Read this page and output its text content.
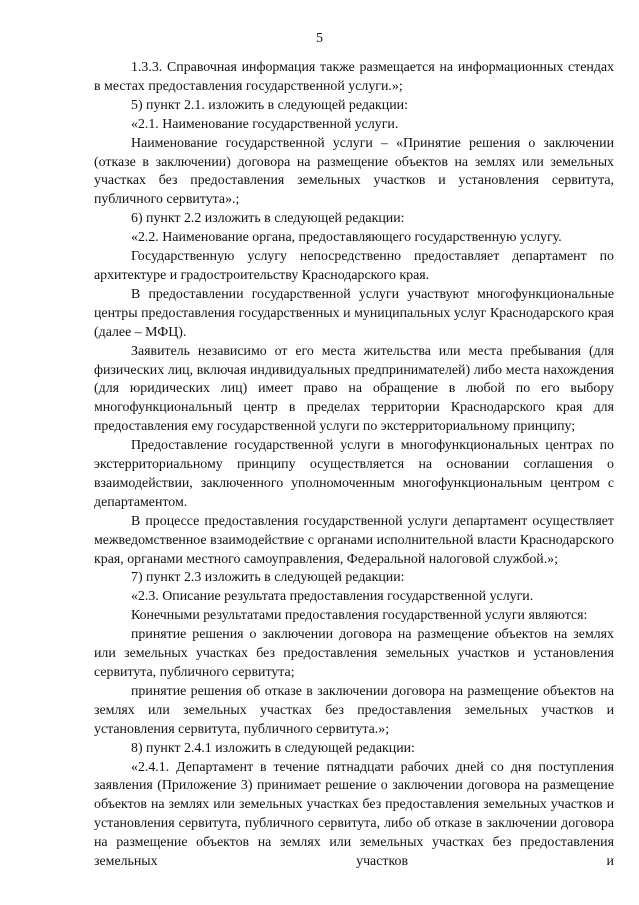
5

1.3.3. Справочная информация также размещается на информационных стендах в местах предоставления государственной услуги.»;

5) пункт 2.1. изложить в следующей редакции:

«2.1. Наименование государственной услуги.

Наименование государственной услуги – «Принятие решения о заключении (отказе в заключении) договора на размещение объектов на землях или земельных участках без предоставления земельных участков и установления сервитута, публичного сервитута».;

6) пункт 2.2 изложить в следующей редакции:

«2.2. Наименование органа, предоставляющего государственную услугу.

Государственную услугу непосредственно предоставляет департамент по архитектуре и градостроительству Краснодарского края.

В предоставлении государственной услуги участвуют многофункциональные центры предоставления государственных и муниципальных услуг Краснодарского края (далее – МФЦ).

Заявитель независимо от его места жительства или места пребывания (для физических лиц, включая индивидуальных предпринимателей) либо места нахождения (для юридических лиц) имеет право на обращение в любой по его выбору многофункциональный центр в пределах территории Краснодарского края для предоставления ему государственной услуги по экстерриториальному принципу;

Предоставление государственной услуги в многофункциональных центрах по экстерриториальному принципу осуществляется на основании соглашения о взаимодействии, заключенного уполномоченным многофункциональным центром с департаментом.

В процессе предоставления государственной услуги департамент осуществляет межведомственное взаимодействие с органами исполнительной власти Краснодарского края, органами местного самоуправления, Федеральной налоговой службой.»;

7) пункт 2.3 изложить в следующей редакции:

«2.3. Описание результата предоставления государственной услуги.

Конечными результатами предоставления государственной услуги являются:

принятие решения о заключении договора на размещение объектов на землях или земельных участках без предоставления земельных участков и установления сервитута, публичного сервитута;

принятие решения об отказе в заключении договора на размещение объектов на землях или земельных участках без предоставления земельных участков и установления сервитута, публичного сервитута.»;

8) пункт 2.4.1 изложить в следующей редакции:

«2.4.1. Департамент в течение пятнадцати рабочих дней со дня поступления заявления (Приложение 3) принимает решение о заключении договора на размещение объектов на землях или земельных участках без предоставления земельных участков и установления сервитута, публичного сервитута, либо об отказе в заключении договора на размещение объектов на землях или земельных участках без предоставления земельных участков и
